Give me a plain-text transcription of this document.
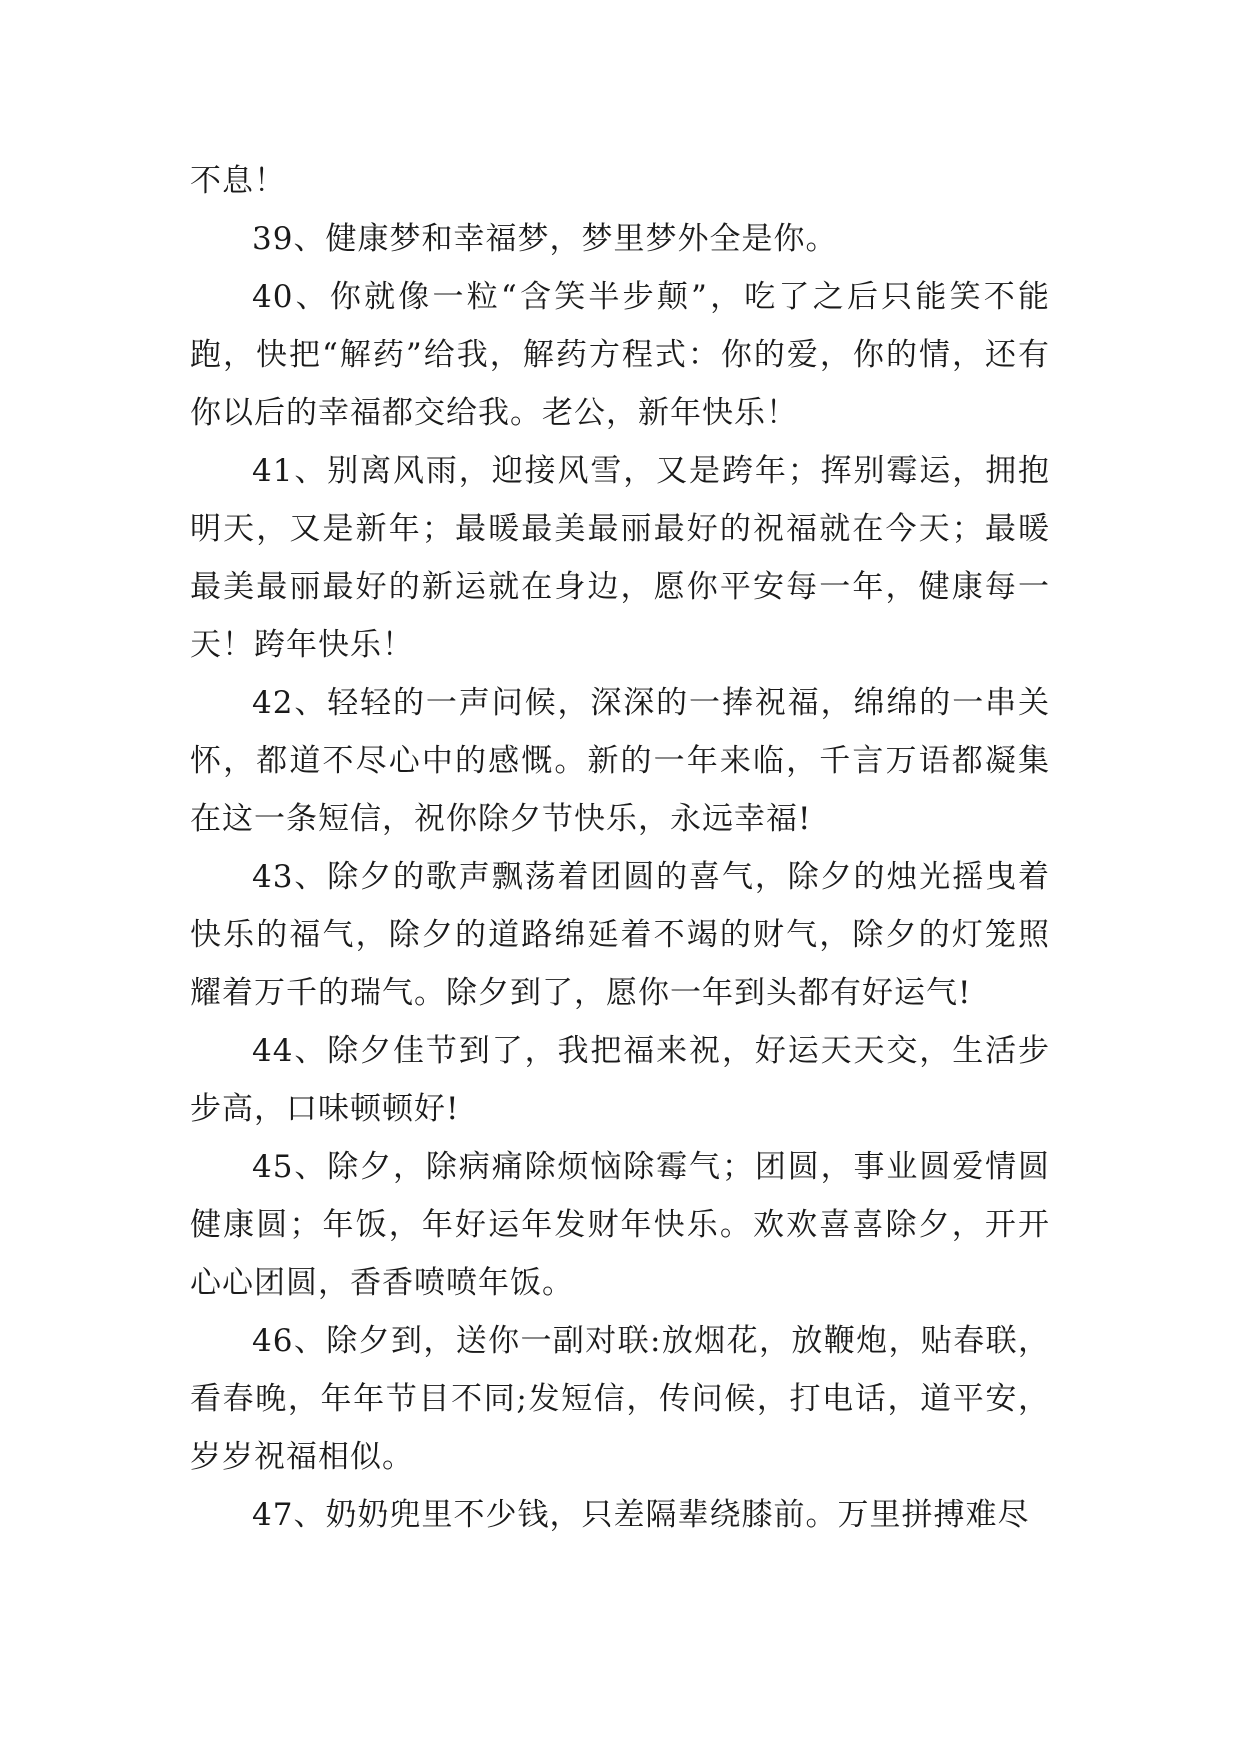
不息！

39、健康梦和幸福梦，梦里梦外全是你。

40、你就像一粒“含笑半步颠”，吃了之后只能笑不能跑，快把“解药”给我，解药方程式：你的爱，你的情，还有你以后的幸福都交给我。老公，新年快乐！

41、别离风雨，迎接风雪，又是跨年；挥别霉运，拥抱明天，又是新年；最暖最美最丽最好的祝福就在今天；最暖最美最丽最好的新运就在身边，愿你平安每一年，健康每一天！跨年快乐！

42、轻轻的一声问候，深深的一捧祝福，绵绵的一串关怀，都道不尽心中的感慨。新的一年来临，千言万语都凝集在这一条短信，祝你除夕节快乐，永远幸福!

43、除夕的歌声飘荡着团圆的喜气，除夕的烛光摇曳着快乐的福气，除夕的道路绵延着不竭的财气，除夕的灯笼照耀着万千的瑞气。除夕到了，愿你一年到头都有好运气!

44、除夕佳节到了，我把福来祝，好运天天交，生活步步高，口味顿顿好!

45、除夕，除病痛除烦恼除霉气；团圆，事业圆爱情圆健康圆；年饭，年好运年发财年快乐。欢欢喜喜除夕，开开心心团圆，香香喷喷年饭。

46、除夕到，送你一副对联:放烟花，放鞭炮，贴春联，看春晚，年年节目不同;发短信，传问候，打电话，道平安，岁岁祝福相似。

47、奶奶兜里不少钱，只差隔辈绕膝前。万里拼搏难尽
